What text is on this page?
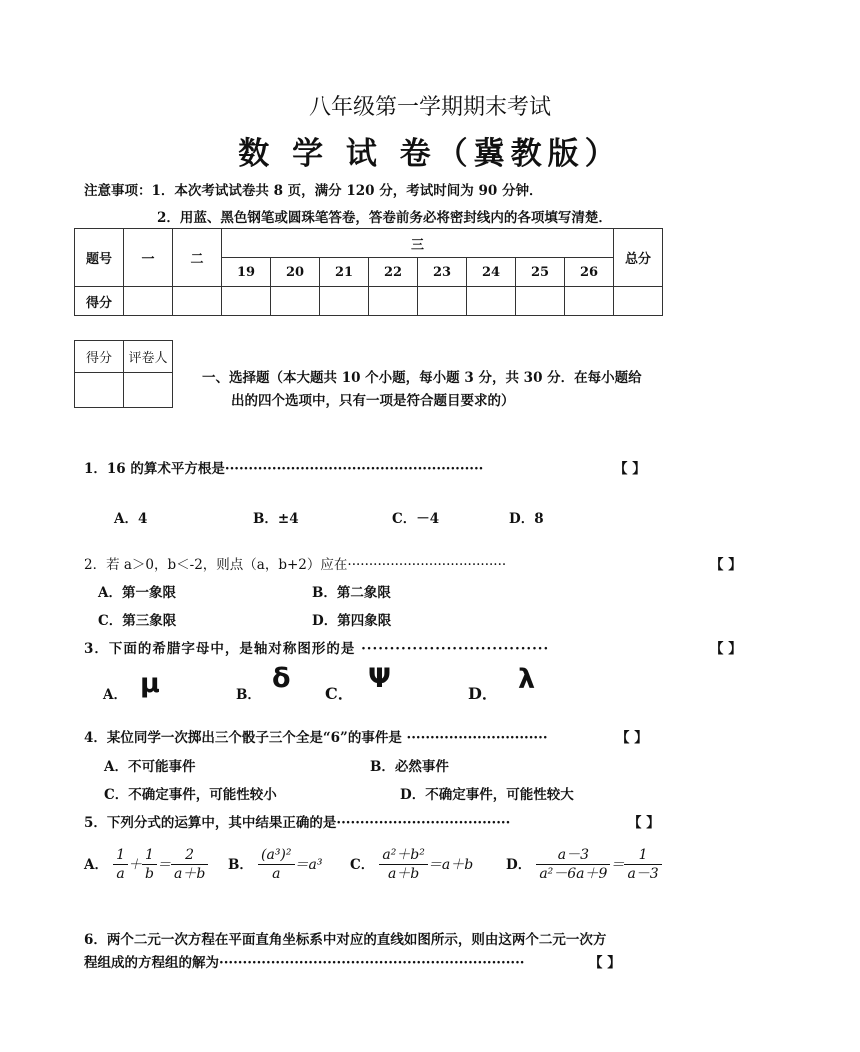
八年级第一学期期末考试
数 学 试 卷（冀教版）
注意事项：1．本次考试试卷共 8 页，满分 120 分，考试时间为 90 分钟．
2．用蓝、黑色钢笔或圆珠笔答卷，答卷前务必将密封线内的各项填写清楚．
题号	一	二	三								总分
			19	20	21	22	23	24	25	26	
得分											
得分	评卷人

一、选择题（本大题共 10 个小题，每小题 3 分，共 30 分．在每小题给
出的四个选项中，只有一项是符合题目要求的）
1．16 的算术平方根是·······················································	【 】
A．4	B．±4	C．－4	D．8
2．若 a＞0，b＜-2，则点（a，b+2）应在·····································	【 】
A．第一象限	B．第二象限
C．第三象限	D．第四象限
3．下面的希腊字母中，是轴对称图形的是 ·································	【 】
A． μ	B．
δ C． Ψ	D． λ
4．某位同学一次掷出三个骰子三个全是“6”的事件是 ······························	【 】
A．不可能事件	B．必然事件
C．不确定事件，可能性较小	D．不确定事件，可能性较大
5．下列分式的运算中，其中结果正确的是·····································	【 】
A． $\frac{1}{a} + \frac{1}{b} = \frac{2}{a+b}$ B． $\frac{\text{(a³)²}}{a} =a^3$ C． $\frac{\text{a²＋b²}}{a+b} =a+b$ D． $\frac{a-3}{\text{a²－6a＋9}} = \frac{1}{a-3}$
6．两个二元一次方程在平面直角坐标系中对应的直线如图所示，则由这两个二元一次方
程组成的方程组的解为·································································	【 】
